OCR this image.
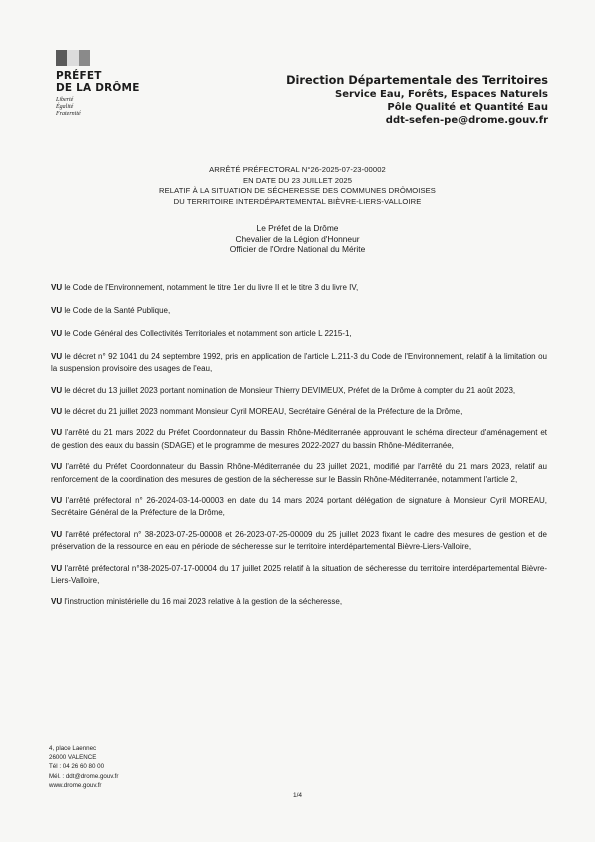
PRÉFET
DE LA DRÔME
Liberté
Égalité
Fraternité
Direction Départementale des Territoires
Service Eau, Forêts, Espaces Naturels
Pôle Qualité et Quantité Eau
ddt-sefen-pe@drome.gouv.fr
ARRÊTÉ PRÉFECTORAL N°26-2025-07-23-00002
EN DATE DU 23 JUILLET 2025
RELATIF À LA SITUATION DE SÉCHERESSE DES COMMUNES DRÔMOISES
DU TERRITOIRE INTERDÉPARTEMENTAL BIÈVRE-LIERS-VALLOIRE
Le Préfet de la Drôme
Chevalier de la Légion d'Honneur
Officier de l'Ordre National du Mérite

VU le Code de l'Environnement, notamment le titre 1er du livre II et le titre 3 du livre IV,

VU le Code de la Santé Publique,

VU le Code Général des Collectivités Territoriales et notamment son article L 2215-1,

VU le décret n° 92 1041 du 24 septembre 1992, pris en application de l'article L.211-3 du Code de l'Environnement, relatif à la limitation ou la suspension provisoire des usages de l'eau,

VU le décret du 13 juillet 2023 portant nomination de Monsieur Thierry DEVIMEUX, Préfet de la Drôme à compter du 21 août 2023,

VU le décret du 21 juillet 2023 nommant Monsieur Cyril MOREAU, Secrétaire Général de la Préfecture de la Drôme,

VU l'arrêté du 21 mars 2022 du Préfet Coordonnateur du Bassin Rhône-Méditerranée approuvant le schéma directeur d'aménagement et de gestion des eaux du bassin (SDAGE) et le programme de mesures 2022-2027 du bassin Rhône-Méditerranée,

VU l'arrêté du Préfet Coordonnateur du Bassin Rhône-Méditerranée du 23 juillet 2021, modifié par l'arrêté du 21 mars 2023, relatif au renforcement de la coordination des mesures de gestion de la sécheresse sur le Bassin Rhône-Méditerranée, notamment l'article 2,

VU l'arrêté préfectoral n° 26-2024-03-14-00003 en date du 14 mars 2024 portant délégation de signature à Monsieur Cyril MOREAU, Secrétaire Général de la Préfecture de la Drôme,

VU l'arrêté préfectoral n° 38-2023-07-25-00008 et 26-2023-07-25-00009 du 25 juillet 2023 fixant le cadre des mesures de gestion et de préservation de la ressource en eau en période de sécheresse sur le territoire interdépartemental Bièvre-Liers-Valloire,

VU l'arrêté préfectoral n°38-2025-07-17-00004 du 17 juillet 2025 relatif à la situation de sécheresse du territoire interdépartemental Bièvre-Liers-Valloire,

VU l'instruction ministérielle du 16 mai 2023 relative à la gestion de la sécheresse,

4, place Laennec
26000 VALENCE
Tél : 04 26 60 80 00
Mél. : ddt@drome.gouv.fr
www.drome.gouv.fr
1/4
